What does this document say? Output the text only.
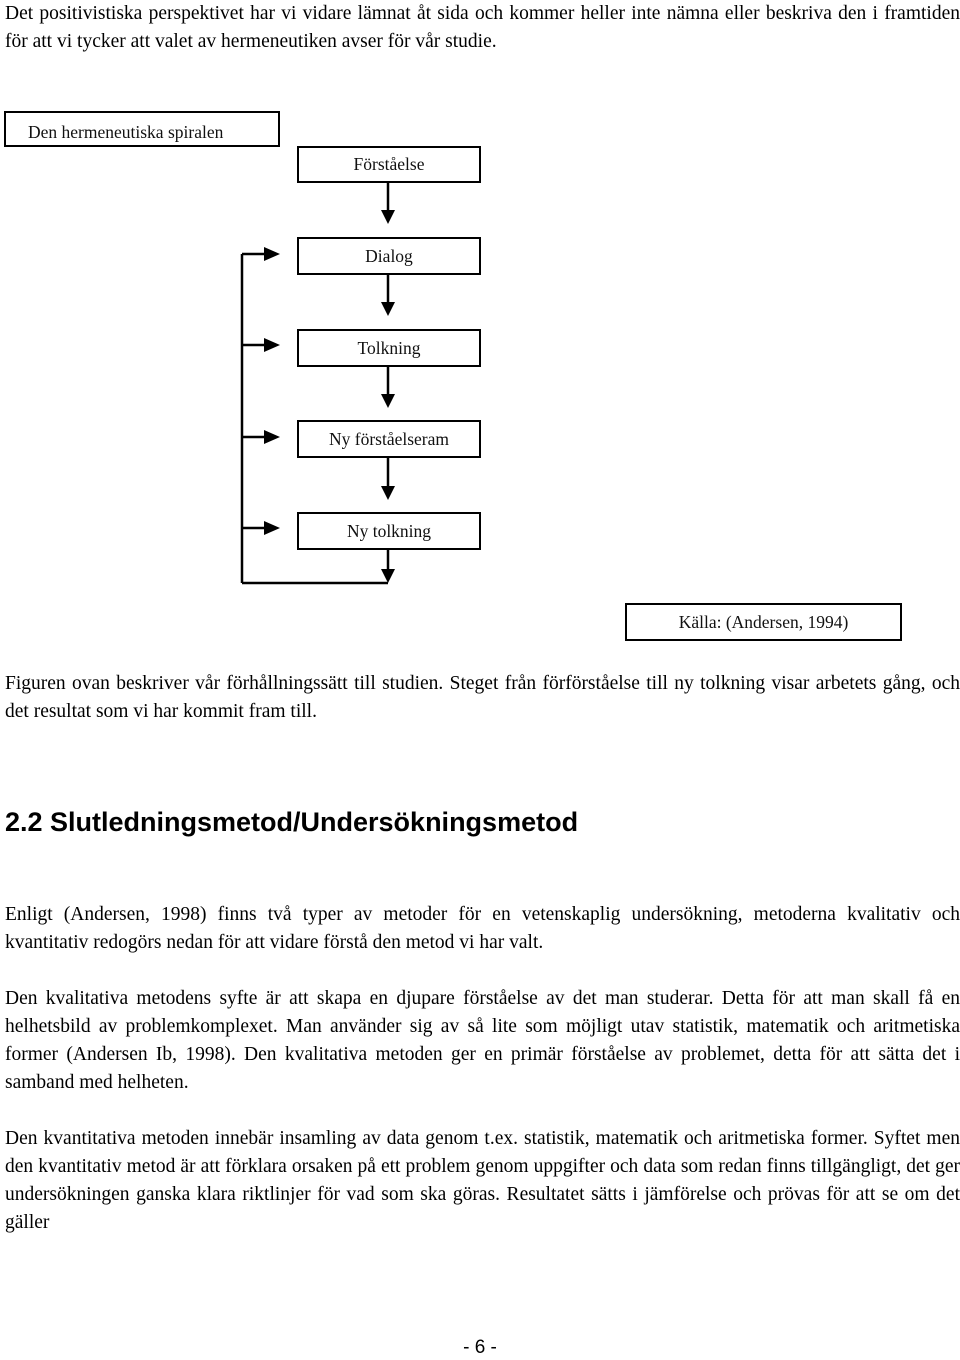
Det positivistiska perspektivet har vi vidare lämnat åt sida och kommer heller inte nämna eller beskriva den i framtiden för att vi tycker att valet av hermeneutiken avser för vår studie.

Den hermeneutiska spiralen
Förståelse
Dialog
Tolkning
Ny förståelseram
Ny tolkning
Källa: (Andersen, 1994)

Figuren ovan beskriver vår förhållningssätt till studien. Steget från förförståelse till ny tolkning visar arbetets gång, och det resultat som vi har kommit fram till.

2.2 Slutledningsmetod/Undersökningsmetod

Enligt (Andersen, 1998) finns två typer av metoder för en vetenskaplig undersökning, metoderna kvalitativ och kvantitativ redogörs nedan för att vidare förstå den metod vi har valt.

Den kvalitativa metodens syfte är att skapa en djupare förståelse av det man studerar. Detta för att man skall få en helhetsbild av problemkomplexet. Man använder sig av så lite som möjligt utav statistik, matematik och aritmetiska former (Andersen Ib, 1998). Den kvalitativa metoden ger en primär förståelse av problemet, detta för att sätta det i samband med helheten.

Den kvantitativa metoden innebär insamling av data genom t.ex. statistik, matematik och aritmetiska former. Syftet men den kvantitativ metod är att förklara orsaken på ett problem genom uppgifter och data som redan finns tillgängligt, det ger undersökningen ganska klara riktlinjer för vad som ska göras. Resultatet sätts i jämförelse och prövas för att se om det gäller

- 6 -
